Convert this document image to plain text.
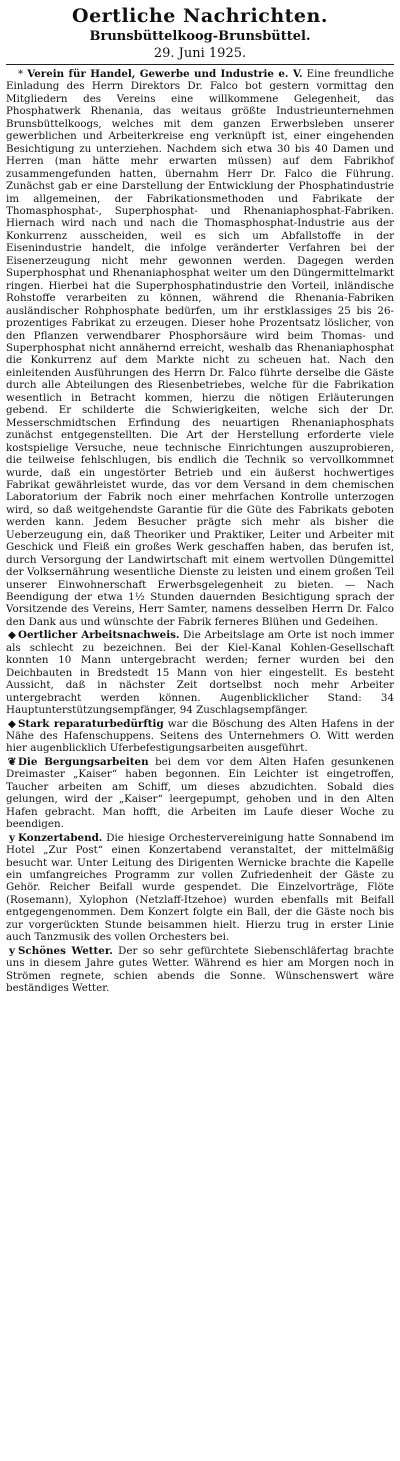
Oertliche Nachrichten.
Brunsbüttelkoog-Brunsbüttel.
29. Juni 1925.

* Verein für Handel, Gewerbe und Industrie e. V. Eine freundliche Einladung des Herrn Direktors Dr. Falco bot gestern vormittag den Mitgliedern des Vereins eine willkommene Gelegenheit, das Phosphatwerk Rhenania, das weitaus größte Industrieunternehmen Brunsbüttelkoogs, welches mit dem ganzen Erwerbsleben unserer gewerblichen und Arbeiterkreise eng verknüpft ist, einer eingehenden Besichtigung zu unterziehen. Nachdem sich etwa 30 bis 40 Damen und Herren (man hätte mehr erwarten müssen) auf dem Fabrikhof zusammengefunden hatten, übernahm Herr Dr. Falco die Führung. Zunächst gab er eine Darstellung der Entwicklung der Phosphatindustrie im allgemeinen, der Fabrikationsmethoden und Fabrikate der Thomasphosphat-, Superphosphat- und Rhenaniaphosphat-Fabriken. Hiernach wird nach und nach die Thomasphosphat-Industrie aus der Konkurrenz ausscheiden, weil es sich um Abfallstoffe in der Eisenindustrie handelt, die infolge veränderter Verfahren bei der Eisenerzeugung nicht mehr gewonnen werden. Dagegen werden Superphosphat und Rhenaniaphosphat weiter um den Düngermittelmarkt ringen. Hierbei hat die Superphosphatindustrie den Vorteil, inländische Rohstoffe verarbeiten zu können, während die Rhenania-Fabriken ausländischer Rohphosphate bedürfen, um ihr erstklassiges 25 bis 26-prozentiges Fabrikat zu erzeugen. Dieser hohe Prozentsatz löslicher, von den Pflanzen verwendbarer Phosphorsäure wird beim Thomas- und Superphosphat nicht annähernd erreicht, weshalb das Rhenaniaphosphat die Konkurrenz auf dem Markte nicht zu scheuen hat. Nach den einleitenden Ausführungen des Herrn Dr. Falco führte derselbe die Gäste durch alle Abteilungen des Riesenbetriebes, welche für die Fabrikation wesentlich in Betracht kommen, hierzu die nötigen Erläuterungen gebend. Er schilderte die Schwierigkeiten, welche sich der Dr. Messerschmidtschen Erfindung des neuartigen Rhenaniaphosphats zunächst entgegenstellten. Die Art der Herstellung erforderte viele kostspielige Versuche, neue technische Einrichtungen auszuprobieren, die teilweise fehlschlugen, bis endlich die Technik so vervollkommnet wurde, daß ein ungestörter Betrieb und ein äußerst hochwertiges Fabrikat gewährleistet wurde, das vor dem Versand in dem chemischen Laboratorium der Fabrik noch einer mehrfachen Kontrolle unterzogen wird, so daß weitgehendste Garantie für die Güte des Fabrikats geboten werden kann. Jedem Besucher prägte sich mehr als bisher die Ueberzeugung ein, daß Theoriker und Praktiker, Leiter und Arbeiter mit Geschick und Fleiß ein großes Werk geschaffen haben, das berufen ist, durch Versorgung der Landwirtschaft mit einem wertvollen Düngemittel der Volksernährung wesentliche Dienste zu leisten und einem großen Teil unserer Einwohnerschaft Erwerbsgelegenheit zu bieten. — Nach Beendigung der etwa 1½ Stunden dauernden Besichtigung sprach der Vorsitzende des Vereins, Herr Samter, namens desselben Herrn Dr. Falco den Dank aus und wünschte der Fabrik ferneres Blühen und Gedeihen.

◆ Oertlicher Arbeitsnachweis. Die Arbeitslage am Orte ist noch immer als schlecht zu bezeichnen. Bei der Kiel-Kanal Kohlen-Gesellschaft konnten 10 Mann untergebracht werden; ferner wurden bei den Deichbauten in Bredstedt 15 Mann von hier eingestellt. Es besteht Aussicht, daß in nächster Zeit dortselbst noch mehr Arbeiter untergebracht werden können. Augenblicklicher Stand: 34 Hauptunterstützungsempfänger, 94 Zuschlagsempfänger.

◆ Stark reparaturbedürftig war die Böschung des Alten Hafens in der Nähe des Hafenschuppens. Seitens des Unternehmers O. Witt werden hier augenblicklich Uferbefestigungsarbeiten ausgeführt.

❦ Die Bergungsarbeiten bei dem vor dem Alten Hafen gesunkenen Dreimaster „Kaiser“ haben begonnen. Ein Leichter ist eingetroffen, Taucher arbeiten am Schiff, um dieses abzudichten. Sobald dies gelungen, wird der „Kaiser“ leergepumpt, gehoben und in den Alten Hafen gebracht. Man hofft, die Arbeiten im Laufe dieser Woche zu beendigen.

y Konzertabend. Die hiesige Orchestervereinigung hatte Sonnabend im Hotel „Zur Post“ einen Konzertabend veranstaltet, der mittelmäßig besucht war. Unter Leitung des Dirigenten Wernicke brachte die Kapelle ein umfangreiches Programm zur vollen Zufriedenheit der Gäste zu Gehör. Reicher Beifall wurde gespendet. Die Einzelvorträge, Flöte (Rosemann), Xylophon (Netzlaff-Itzehoe) wurden ebenfalls mit Beifall entgegengenommen. Dem Konzert folgte ein Ball, der die Gäste noch bis zur vorgerückten Stunde beisammen hielt. Hierzu trug in erster Linie auch Tanzmusik des vollen Orchesters bei.

y Schönes Wetter. Der so sehr gefürchtete Siebenschläfertag brachte uns in diesem Jahre gutes Wetter. Während es hier am Morgen noch in Strömen regnete, schien abends die Sonne. Wünschenswert wäre beständiges Wetter.
